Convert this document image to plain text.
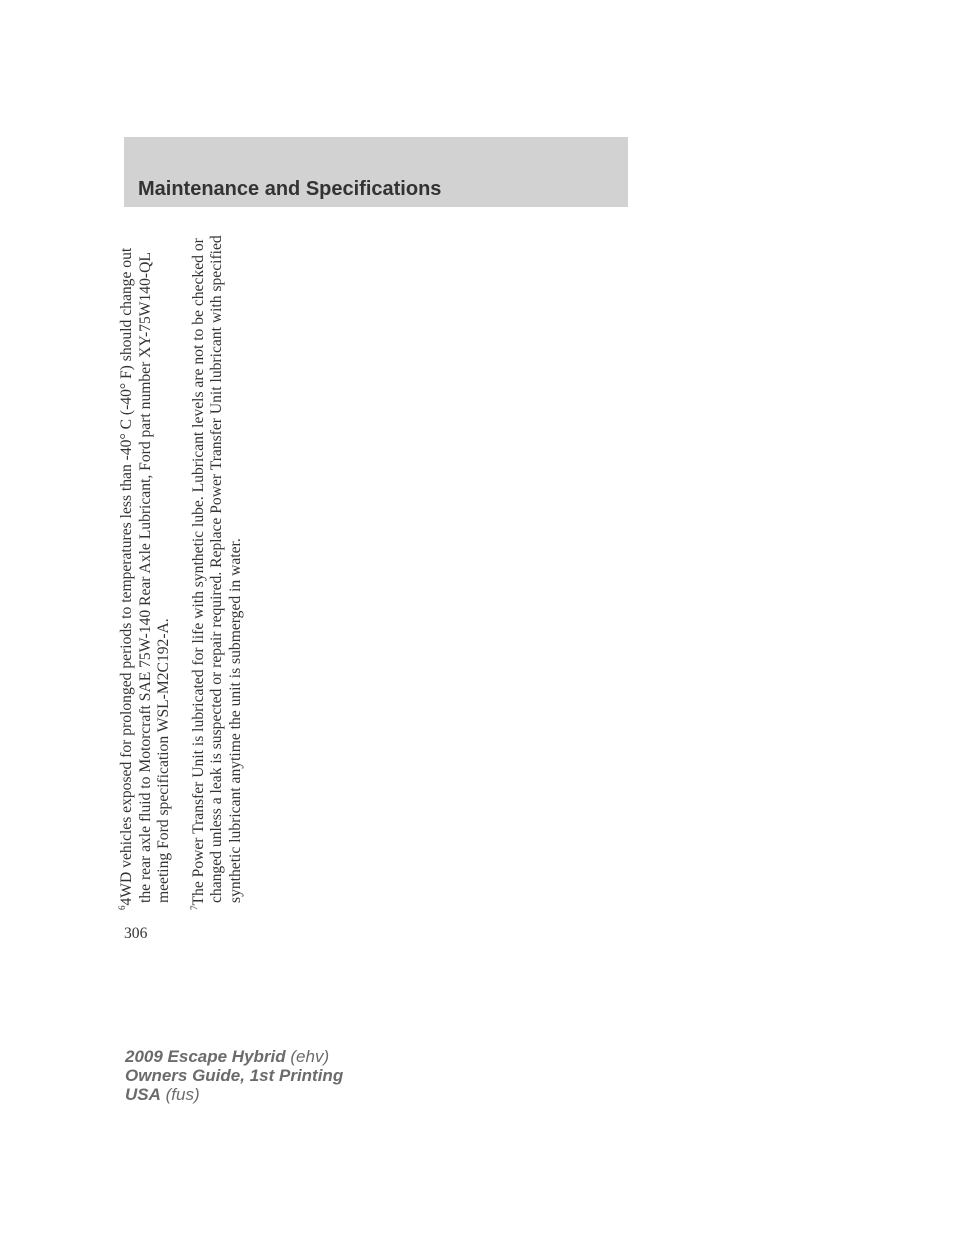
Maintenance and Specifications

$^6$4WD vehicles exposed for prolonged periods to temperatures less than -40° C (-40° F) should change out the rear axle fluid to Motorcraft SAE 75W-140 Rear Axle Lubricant, Ford part number XY-75W140-QL meeting Ford specification WSL-M2C192-A.

$^7$The Power Transfer Unit is lubricated for life with synthetic lube. Lubricant levels are not to be checked or changed unless a leak is suspected or repair required. Replace Power Transfer Unit lubricant with specified synthetic lubricant anytime the unit is submerged in water.

306
2009 Escape Hybrid (ehv)
Owners Guide, 1st Printing
USA (fus)
